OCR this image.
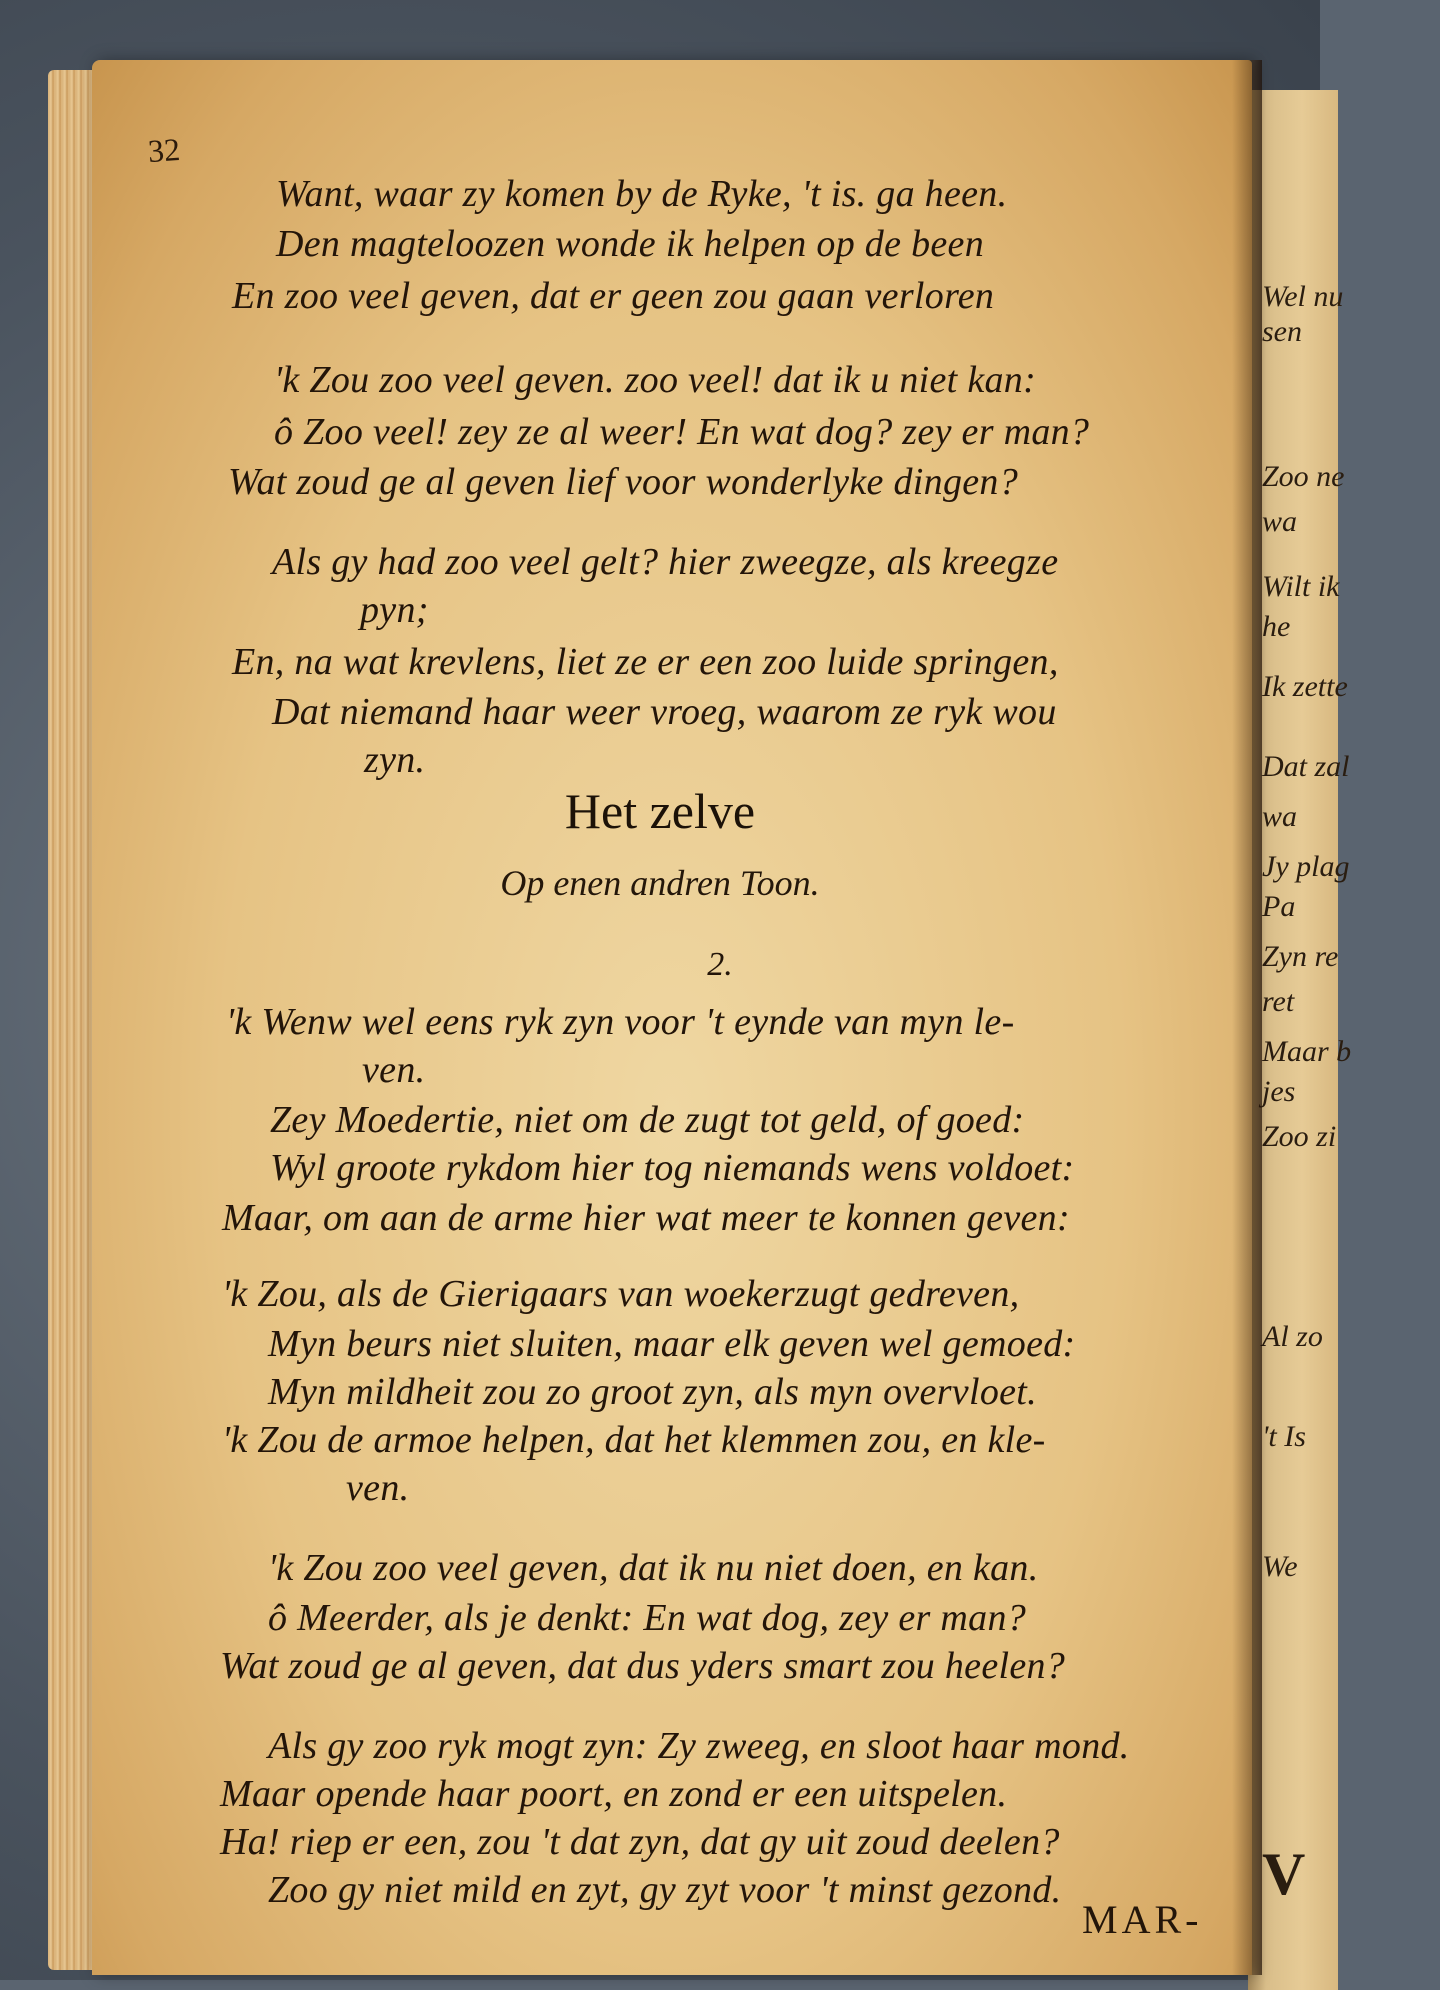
Wel nu
sen
Zoo ne
wa
Wilt ik
he
Ik zette
Dat zal
wa
Jy plag
Pa
Zyn re
ret
Maar b
jes
Zoo zi
Al zo
't Is
We
V
32
Want, waar zy komen by de Ryke, 't is. ga heen.
Den magteloozen wonde ik helpen op de been
En zoo veel geven, dat er geen zou gaan verloren
'k Zou zoo veel geven. zoo veel! dat ik u niet kan:
ô Zoo veel! zey ze al weer! En wat dog? zey er man?
Wat zoud ge al geven lief voor wonderlyke dingen?
Als gy had zoo veel gelt? hier zweegze, als kreegze
pyn;
En, na wat krevlens, liet ze er een zoo luide springen,
Dat niemand haar weer vroeg, waarom ze ryk wou
zyn.
Het zelve
Op enen andren Toon.
2.
'k Wenw wel eens ryk zyn voor 't eynde van myn le-
ven.
Zey Moedertie, niet om de zugt tot geld, of goed:
Wyl groote rykdom hier tog niemands wens voldoet:
Maar, om aan de arme hier wat meer te konnen geven:
'k Zou, als de Gierigaars van woekerzugt gedreven,
Myn beurs niet sluiten, maar elk geven wel gemoed:
Myn mildheit zou zo groot zyn, als myn overvloet.
'k Zou de armoe helpen, dat het klemmen zou, en kle-
ven.
'k Zou zoo veel geven, dat ik nu niet doen, en kan.
ô Meerder, als je denkt: En wat dog, zey er man?
Wat zoud ge al geven, dat dus yders smart zou heelen?
Als gy zoo ryk mogt zyn: Zy zweeg, en sloot haar mond.
Maar opende haar poort, en zond er een uitspelen.
Ha! riep er een, zou 't dat zyn, dat gy uit zoud deelen?
Zoo gy niet mild en zyt, gy zyt voor 't minst gezond.
MAR-
